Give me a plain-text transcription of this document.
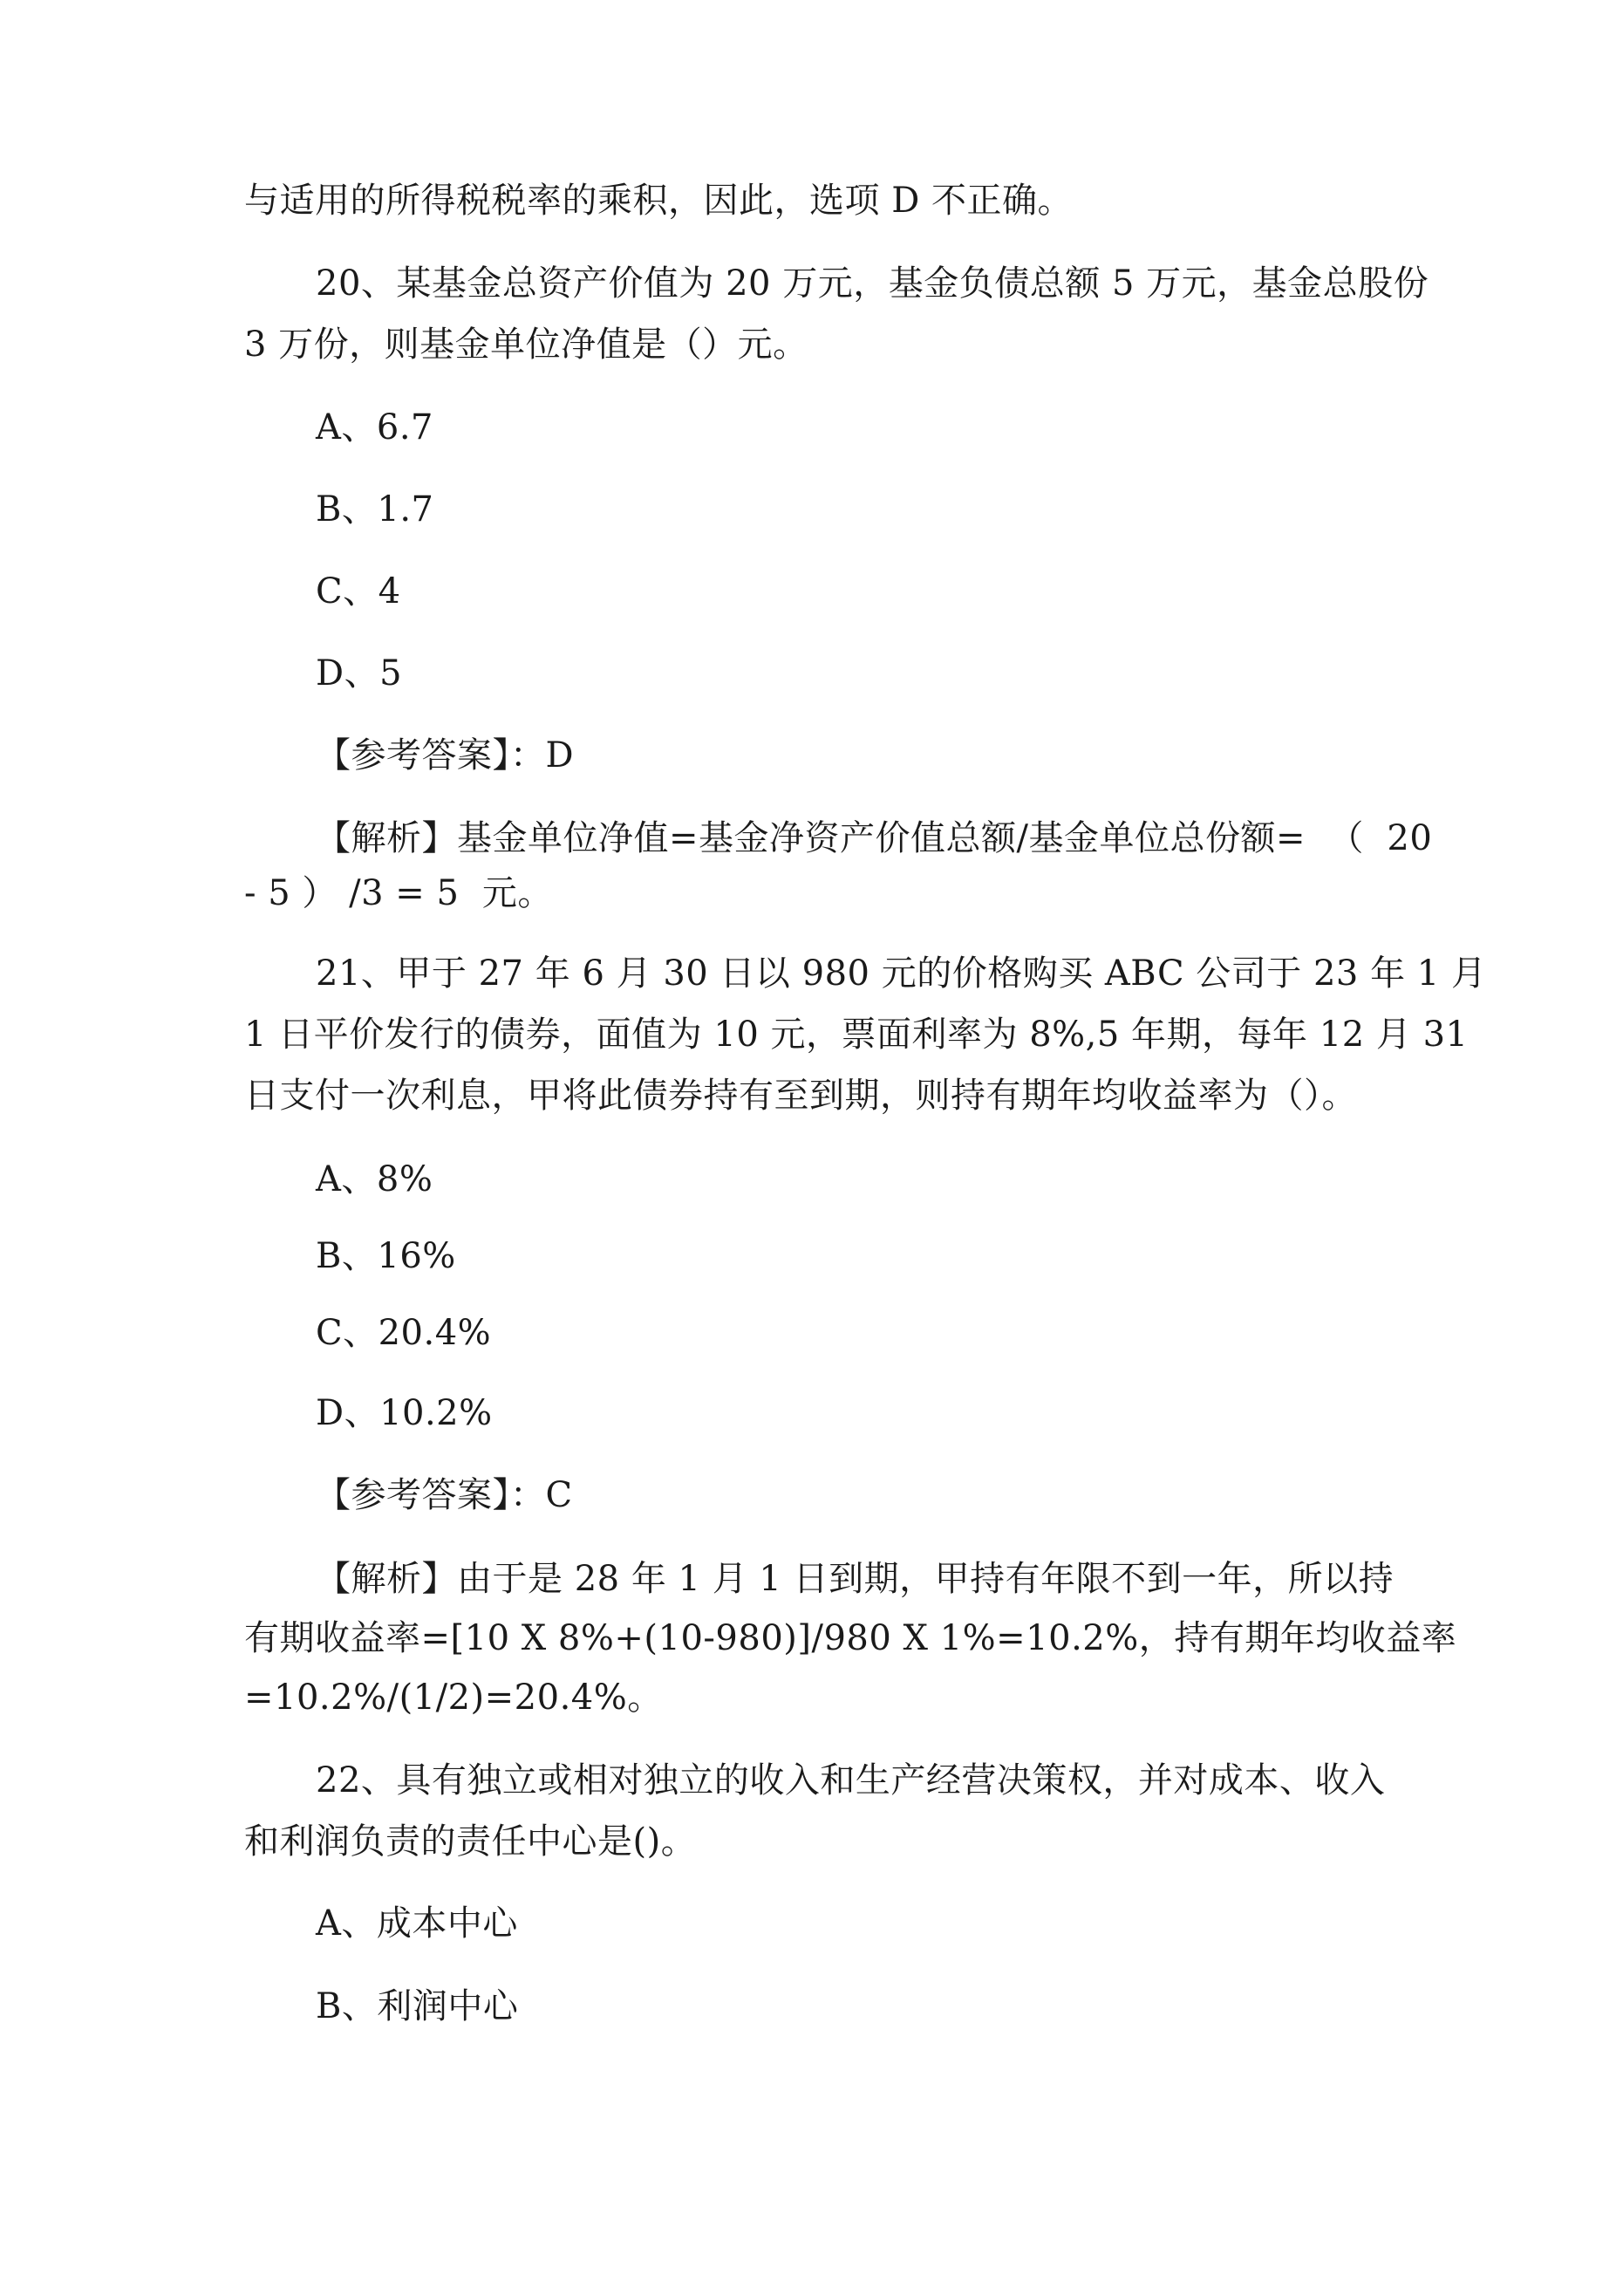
与适用的所得税税率的乘积，因此，选项 D 不正确。
20、某基金总资产价值为 20 万元，基金负债总额 5 万元，基金总股份
3 万份，则基金单位净值是（）元。
A、6.7
B、1.7
C、4
D、5
【参考答案】：D
【解析】基金单位净值=基金净资产价值总额/基金单位总份额=  （  20
- 5 ） /3 = 5  元。
21、甲于 27 年 6 月 30 日以 980 元的价格购买 ABC 公司于 23 年 1 月
1 日平价发行的债券，面值为 10 元，票面利率为 8%,5 年期，每年 12 月 31
日支付一次利息，甲将此债券持有至到期，则持有期年均收益率为（）。
A、8%
B、16%
C、20.4%
D、10.2%
【参考答案】：C
【解析】由于是 28 年 1 月 1 日到期，甲持有年限不到一年，所以持
有期收益率=[10 X 8%+(10-980)]/980 X 1%=10.2%，持有期年均收益率
=10.2%/(1/2)=20.4%。
22、具有独立或相对独立的收入和生产经营决策权，并对成本、收入
和利润负责的责任中心是()。
A、成本中心
B、利润中心
